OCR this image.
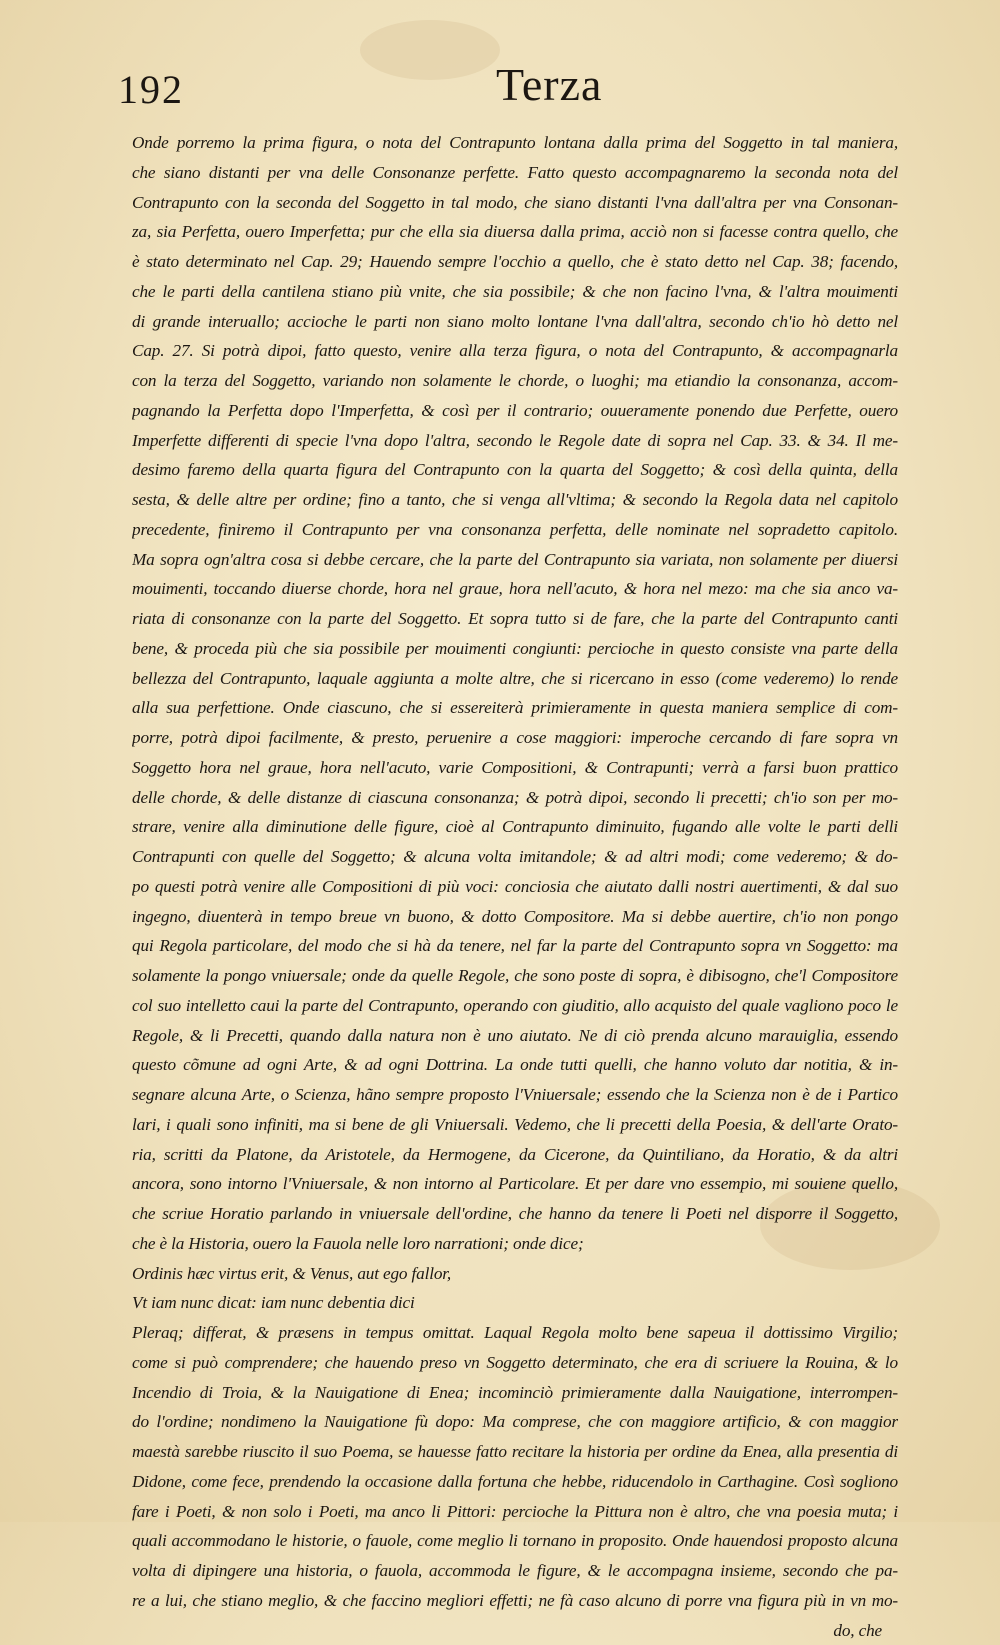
192	Terza
Onde porremo la prima figura, o nota del Contrapunto lontana dalla prima del Soggetto in tal maniera,
che siano distanti per vna delle Consonanze perfette. Fatto questo accompagnaremo la seconda nota del
Contrapunto con la seconda del Soggetto in tal modo, che siano distanti l'vna dall'altra per vna Consonan-
za, sia Perfetta, ouero Imperfetta; pur che ella sia diuersa dalla prima, acciò non si facesse contra quello, che
è stato determinato nel Cap. 29; Hauendo sempre l'occhio a quello, che è stato detto nel Cap. 38; facendo,
che le parti della cantilena stiano più vnite, che sia possibile; & che non facino l'vna, & l'altra mouimenti
di grande interuallo; accioche le parti non siano molto lontane l'vna dall'altra, secondo ch'io hò detto nel
Cap. 27. Si potrà dipoi, fatto questo, venire alla terza figura, o nota del Contrapunto, & accompagnarla
con la terza del Soggetto, variando non solamente le chorde, o luoghi; ma etiandio la consonanza, accom-
pagnando la Perfetta dopo l'Imperfetta, & così per il contrario; ouueramente ponendo due Perfette, ouero
Imperfette differenti di specie l'vna dopo l'altra, secondo le Regole date di sopra nel Cap. 33. & 34. Il me-
desimo faremo della quarta figura del Contrapunto con la quarta del Soggetto; & così della quinta, della
sesta, & delle altre per ordine; fino a tanto, che si venga all'vltima; & secondo la Regola data nel capitolo
precedente, finiremo il Contrapunto per vna consonanza perfetta, delle nominate nel sopradetto capitolo.
Ma sopra ogn'altra cosa si debbe cercare, che la parte del Contrapunto sia variata, non solamente per diuersi
mouimenti, toccando diuerse chorde, hora nel graue, hora nell'acuto, & hora nel mezo: ma che sia anco va-
riata di consonanze con la parte del Soggetto. Et sopra tutto si de fare, che la parte del Contrapunto canti
bene, & proceda più che sia possibile per mouimenti congiunti: percioche in questo consiste vna parte della
bellezza del Contrapunto, laquale aggiunta a molte altre, che si ricercano in esso (come vederemo) lo rende
alla sua perfettione. Onde ciascuno, che si essereiterà primieramente in questa maniera semplice di com-
porre, potrà dipoi facilmente, & presto, peruenire a cose maggiori: imperoche cercando di fare sopra vn
Soggetto hora nel graue, hora nell'acuto, varie Compositioni, & Contrapunti; verrà a farsi buon prattico
delle chorde, & delle distanze di ciascuna consonanza; & potrà dipoi, secondo li precetti; ch'io son per mo-
strare, venire alla diminutione delle figure, cioè al Contrapunto diminuito, fugando alle volte le parti delli
Contrapunti con quelle del Soggetto; & alcuna volta imitandole; & ad altri modi; come vederemo; & do-
po questi potrà venire alle Compositioni di più voci: conciosia che aiutato dalli nostri auertimenti, & dal suo
ingegno, diuenterà in tempo breue vn buono, & dotto Compositore. Ma si debbe auertire, ch'io non pongo
qui Regola particolare, del modo che si hà da tenere, nel far la parte del Contrapunto sopra vn Soggetto: ma
solamente la pongo vniuersale; onde da quelle Regole, che sono poste di sopra, è dibisogno, che'l Compositore
col suo intelletto caui la parte del Contrapunto, operando con giuditio, allo acquisto del quale vagliono poco le
Regole, & li Precetti, quando dalla natura non è uno aiutato. Ne di ciò prenda alcuno marauiglia, essendo
questo cõmune ad ogni Arte, & ad ogni Dottrina. La onde tutti quelli, che hanno voluto dar notitia, & in-
segnare alcuna Arte, o Scienza, hãno sempre proposto l'Vniuersale; essendo che la Scienza non è de i Partico
lari, i quali sono infiniti, ma si bene de gli Vniuersali. Vedemo, che li precetti della Poesia, & dell'arte Orato-
ria, scritti da Platone, da Aristotele, da Hermogene, da Cicerone, da Quintiliano, da Horatio, & da altri
ancora, sono intorno l'Vniuersale, & non intorno al Particolare. Et per dare vno essempio, mi souiene quello,
che scriue Horatio parlando in vniuersale dell'ordine, che hanno da tenere li Poeti nel disporre il Soggetto,
che è la Historia, ouero la Fauola nelle loro narrationi; onde dice;
Ordinis hæc virtus erit, & Venus, aut ego fallor,
Vt iam nunc dicat: iam nunc debentia dici
Pleraq; differat, & præsens in tempus omittat. Laqual Regola molto bene sapeua il dottissimo Virgilio;
come si può comprendere; che hauendo preso vn Soggetto determinato, che era di scriuere la Rouina, & lo
Incendio di Troia, & la Nauigatione di Enea; incominciò primieramente dalla Nauigatione, interrompen-
do l'ordine; nondimeno la Nauigatione fù dopo: Ma comprese, che con maggiore artificio, & con maggior
maestà sarebbe riuscito il suo Poema, se hauesse fatto recitare la historia per ordine da Enea, alla presentia di
Didone, come fece, prendendo la occasione dalla fortuna che hebbe, riducendolo in Carthagine. Così sogliono
fare i Poeti, & non solo i Poeti, ma anco li Pittori: percioche la Pittura non è altro, che vna poesia muta; i
quali accommodano le historie, o fauole, come meglio li tornano in proposito. Onde hauendosi proposto alcuna
volta di dipingere una historia, o fauola, accommoda le figure, & le accompagna insieme, secondo che pa-
re a lui, che stiano meglio, & che faccino megliori effetti; ne fà caso alcuno di porre vna figura più in vn mo-
do, che
